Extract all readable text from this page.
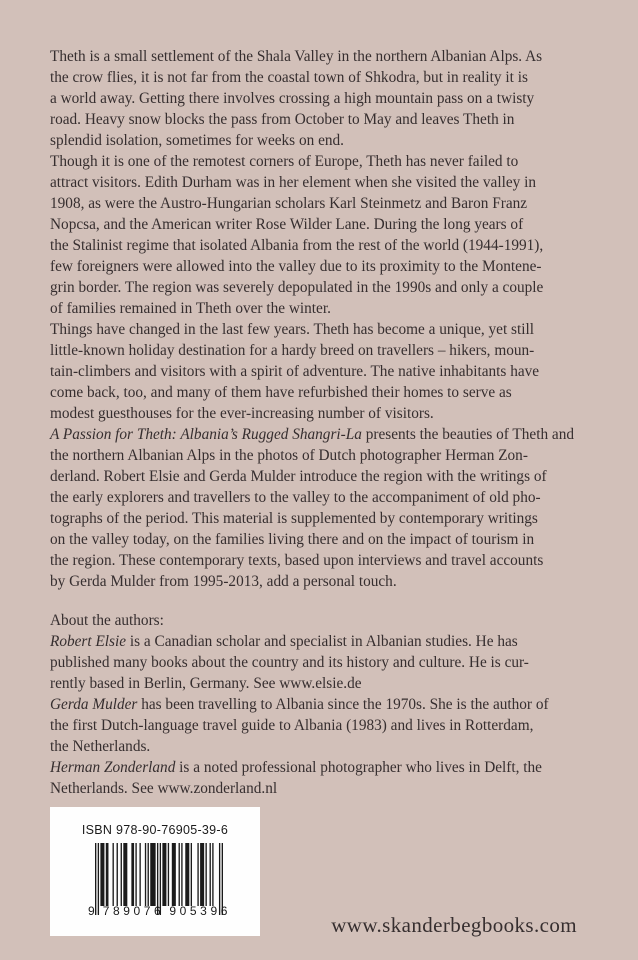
Theth is a small settlement of the Shala Valley in the northern Albanian Alps. As
the crow flies, it is not far from the coastal town of Shkodra, but in reality it is
a world away. Getting there involves crossing a high mountain pass on a twisty
road. Heavy snow blocks the pass from October to May and leaves Theth in
splendid isolation, sometimes for weeks on end.
Though it is one of the remotest corners of Europe, Theth has never failed to
attract visitors. Edith Durham was in her element when she visited the valley in
1908, as were the Austro-Hungarian scholars Karl Steinmetz and Baron Franz
Nopcsa, and the American writer Rose Wilder Lane. During the long years of
the Stalinist regime that isolated Albania from the rest of the world (1944-1991),
few foreigners were allowed into the valley due to its proximity to the Montene-
grin border. The region was severely depopulated in the 1990s and only a couple
of families remained in Theth over the winter.
Things have changed in the last few years. Theth has become a unique, yet still
little-known holiday destination for a hardy breed on travellers – hikers, moun-
tain-climbers and visitors with a spirit of adventure. The native inhabitants have
come back, too, and many of them have refurbished their homes to serve as
modest guesthouses for the ever-increasing number of visitors.
A Passion for Theth: Albania’s Rugged Shangri-La presents the beauties of Theth and
the northern Albanian Alps in the photos of Dutch photographer Herman Zon-
derland. Robert Elsie and Gerda Mulder introduce the region with the writings of
the early explorers and travellers to the valley to the accompaniment of old pho-
tographs of the period. This material is supplemented by contemporary writings
on the valley today, on the families living there and on the impact of tourism in
the region. These contemporary texts, based upon interviews and travel accounts
by Gerda Mulder from 1995-2013, add a personal touch.
About the authors:
Robert Elsie is a Canadian scholar and specialist in Albanian studies. He has
published many books about the country and its history and culture. He is cur-
rently based in Berlin, Germany. See www.elsie.de
Gerda Mulder has been travelling to Albania since the 1970s. She is the author of
the first Dutch-language travel guide to Albania (1983) and lives in Rotterdam,
the Netherlands.
Herman Zonderland is a noted professional photographer who lives in Delft, the
Netherlands. See www.zonderland.nl
ISBN 978-90-76905-39-6
9 789076 905396
www.skanderbegbooks.com
